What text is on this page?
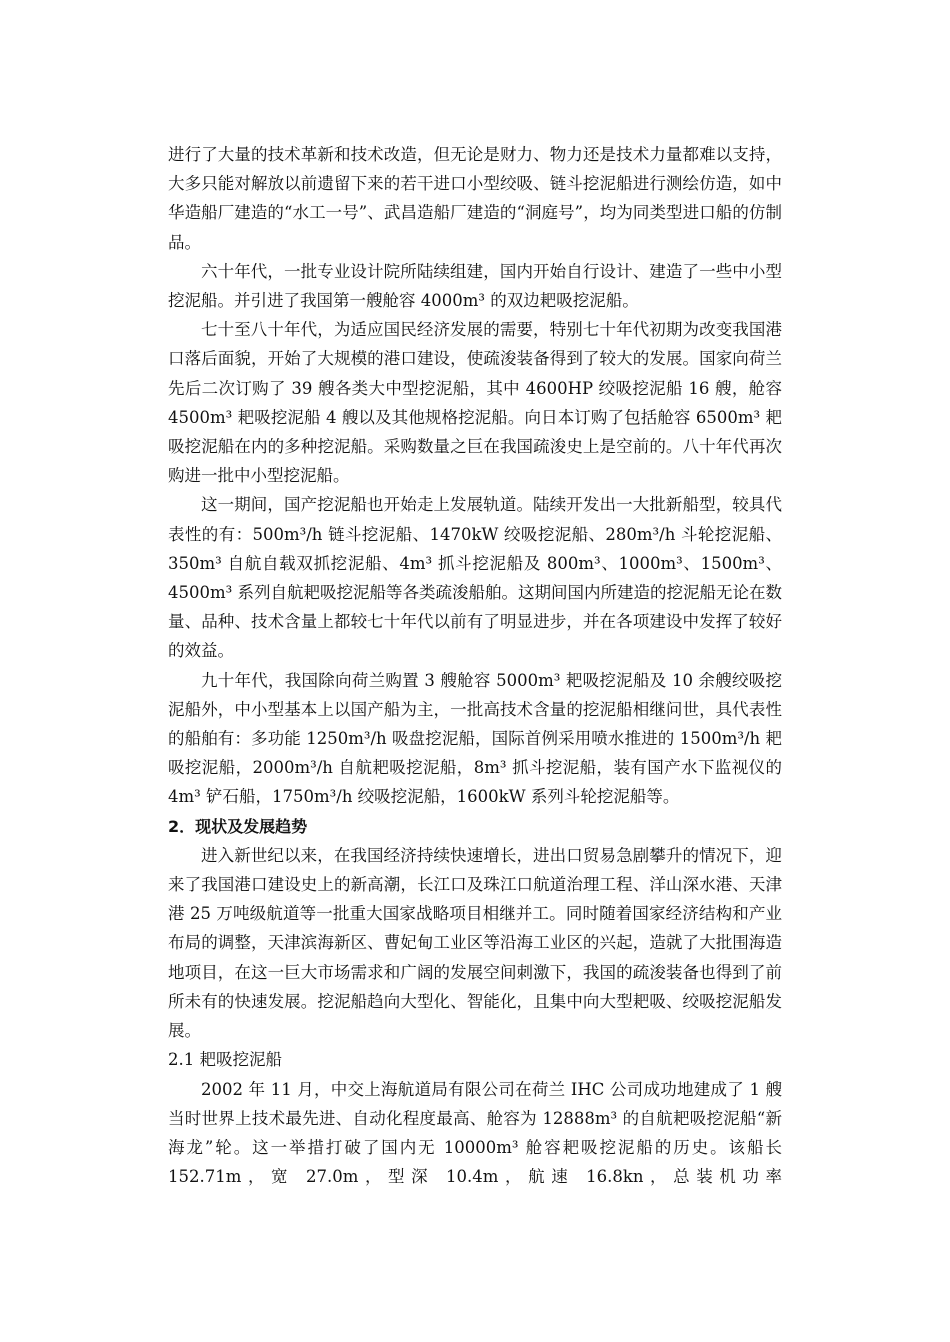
进行了大量的技术革新和技术改造，但无论是财力、物力还是技术力量都难以支持，大多只能对解放以前遗留下来的若干进口小型绞吸、链斗挖泥船进行测绘仿造，如中华造船厂建造的“水工一号”、武昌造船厂建造的“洞庭号”，均为同类型进口船的仿制品。

六十年代，一批专业设计院所陆续组建，国内开始自行设计、建造了一些中小型挖泥船。并引进了我国第一艘舱容 4000m³ 的双边耙吸挖泥船。

七十至八十年代，为适应国民经济发展的需要，特别七十年代初期为改变我国港口落后面貌，开始了大规模的港口建设，使疏浚装备得到了较大的发展。国家向荷兰先后二次订购了 39 艘各类大中型挖泥船，其中 4600HP 绞吸挖泥船 16 艘，舱容 4500m³ 耙吸挖泥船 4 艘以及其他规格挖泥船。向日本订购了包括舱容 6500m³ 耙吸挖泥船在内的多种挖泥船。采购数量之巨在我国疏浚史上是空前的。八十年代再次购进一批中小型挖泥船。

这一期间，国产挖泥船也开始走上发展轨道。陆续开发出一大批新船型，较具代表性的有：500m³/h 链斗挖泥船、1470kW 绞吸挖泥船、280m³/h 斗轮挖泥船、350m³ 自航自载双抓挖泥船、4m³ 抓斗挖泥船及 800m³、1000m³、1500m³、4500m³ 系列自航耙吸挖泥船等各类疏浚船舶。这期间国内所建造的挖泥船无论在数量、品种、技术含量上都较七十年代以前有了明显进步，并在各项建设中发挥了较好的效益。

九十年代，我国除向荷兰购置 3 艘舱容 5000m³ 耙吸挖泥船及 10 余艘绞吸挖泥船外，中小型基本上以国产船为主，一批高技术含量的挖泥船相继问世，具代表性的船舶有：多功能 1250m³/h 吸盘挖泥船，国际首例采用喷水推进的 1500m³/h 耙吸挖泥船，2000m³/h 自航耙吸挖泥船，8m³ 抓斗挖泥船，装有国产水下监视仪的 4m³ 铲石船，1750m³/h 绞吸挖泥船，1600kW 系列斗轮挖泥船等。

2．现状及发展趋势

进入新世纪以来，在我国经济持续快速增长，进出口贸易急剧攀升的情况下，迎来了我国港口建设史上的新高潮，长江口及珠江口航道治理工程、洋山深水港、天津港 25 万吨级航道等一批重大国家战略项目相继并工。同时随着国家经济结构和产业布局的调整，天津滨海新区、曹妃甸工业区等沿海工业区的兴起，造就了大批围海造地项目，在这一巨大市场需求和广阔的发展空间刺激下，我国的疏浚装备也得到了前所未有的快速发展。挖泥船趋向大型化、智能化，且集中向大型耙吸、绞吸挖泥船发展。

2.1 耙吸挖泥船

2002 年 11 月，中交上海航道局有限公司在荷兰 IHC 公司成功地建成了 1 艘当时世界上技术最先进、自动化程度最高、舱容为 12888m³ 的自航耙吸挖泥船“新海龙”轮。这一举措打破了国内无 10000m³ 舱容耙吸挖泥船的历史。该船长 152.71m，宽 27.0m，型深 10.4m，航速 16.8kn，总装机功率
